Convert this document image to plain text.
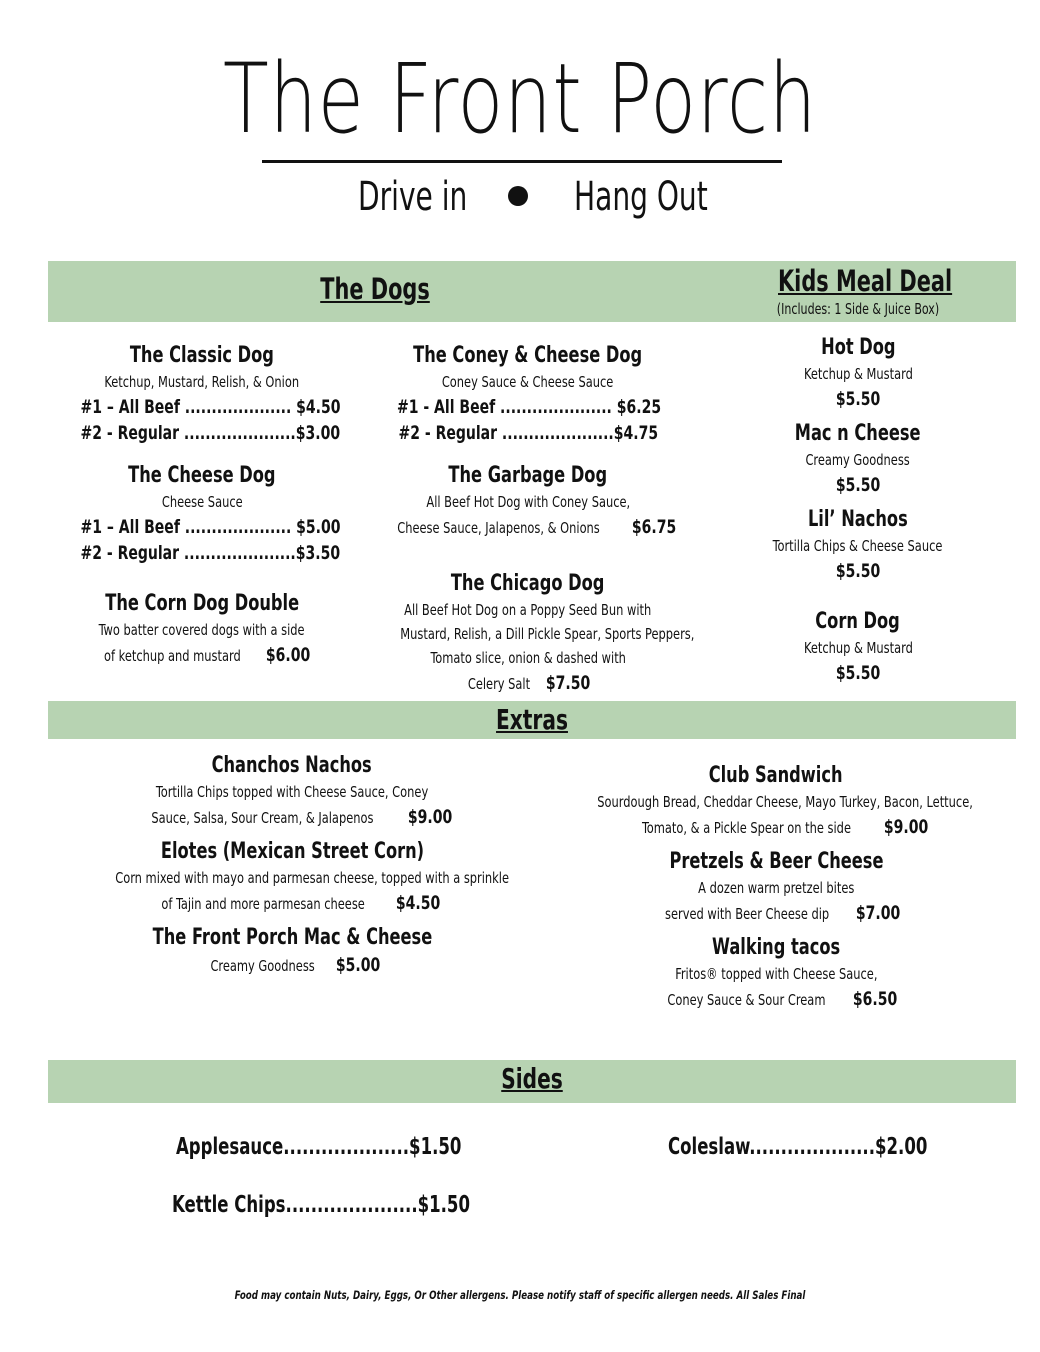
The Front Porch
Drive in	Hang Out
The Dogs	Kids Meal Deal
(Includes: 1 Side & Juice Box)
The Classic Dog
Ketchup, Mustard, Relish, & Onion
#1 – All Beef .................... $4.50
#2 - Regular .....................$3.00
The Cheese Dog
Cheese Sauce
#1 – All Beef .................... $5.00
#2 - Regular .....................$3.50
The Corn Dog Double
Two batter covered dogs with a side
of ketchup and mustard $6.00
The Coney & Cheese Dog
Coney Sauce & Cheese Sauce
#1 - All Beef ..................... $6.25
#2 - Regular .....................$4.75
The Garbage Dog
All Beef Hot Dog with Coney Sauce,
Cheese Sauce, Jalapenos, & Onions $6.75
The Chicago Dog
All Beef Hot Dog on a Poppy Seed Bun with
Mustard, Relish, a Dill Pickle Spear, Sports Peppers,
Tomato slice, onion & dashed with
Celery Salt $7.50
Hot Dog
Ketchup & Mustard
$5.50
Mac n Cheese
Creamy Goodness
$5.50
Lil’ Nachos
Tortilla Chips & Cheese Sauce
$5.50
Corn Dog
Ketchup & Mustard
$5.50
Extras
Chanchos Nachos
Tortilla Chips topped with Cheese Sauce, Coney
Sauce, Salsa, Sour Cream, & Jalapenos $9.00
Elotes (Mexican Street Corn)
Corn mixed with mayo and parmesan cheese, topped with a sprinkle
of Tajin and more parmesan cheese $4.50
The Front Porch Mac & Cheese
Creamy Goodness $5.00
Club Sandwich
Sourdough Bread, Cheddar Cheese, Mayo Turkey, Bacon, Lettuce,
Tomato, & a Pickle Spear on the side $9.00
Pretzels & Beer Cheese
A dozen warm pretzel bites
served with Beer Cheese dip $7.00
Walking tacos
Fritos® topped with Cheese Sauce,
Coney Sauce & Sour Cream $6.50
Sides
Applesauce....................$1.50	Coleslaw....................$2.00
Kettle Chips.....................$1.50
Food may contain Nuts, Dairy, Eggs, Or Other allergens. Please notify staff of specific allergen needs. All Sales Final
